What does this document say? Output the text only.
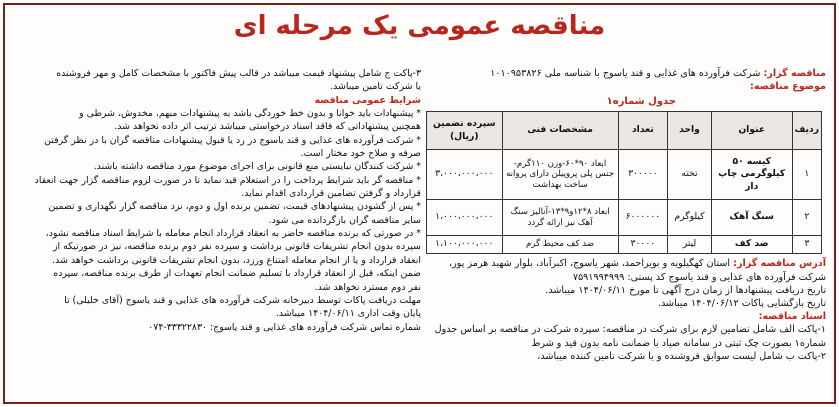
مناقصه عمومی یک مرحله ای
مناقصه گزار: شرکت فرآورده های غذایی و قند یاسوج با شناسه ملی ۱۰۱۰۹۵۳۸۲۶
موضوع مناقصه:
جدول شماره۱
ردیف	عنوان	واحد	تعداد	مشخصات فنی	سپرده تضمین (ریال)
۱	کیسه ۵۰ کیلوگرمی چاپ دار	تخته	۳۰۰۰۰۰	ابعاد ۹۰*۶۰-وزن ۱۱۰گرم-جنس پلی پروپیلن دارای پروانه ساخت بهداشت	۳،۰۰۰،۰۰۰،۰۰۰
۲	سنگ آهک	کیلوگرم	۶۰۰۰۰۰۰	ابعاد ۸*۱۲و۹*۱۳-آنالیز سنگ آهک نیز ارائه گردد	۱،۰۰۰،۰۰۰،۰۰۰
۳	ضد کف	لیتر	۳۰۰۰۰	ضد کف محیط گرم	۱،۱۰۰،۰۰۰،۰۰۰
آدرس مناقصه گزار: استان کهگیلویه و بویراحمد، شهر یاسوج، اکبرآباد، بلوار شهید هرمز پور،
شرکت فرآورده های غذایی و قند یاسوج کد پستی: ۷۵۹۱۹۹۴۹۹۹
تاریخ دریافت پیشنهادها از زمان درج آگهی تا مورخ ۱۴۰۴/۰۶/۱۱ میباشد.
تاریخ بازگشایی پاکات ۱۴۰۴/۰۶/۱۲ میباشد.
اسناد مناقصه:
۱-پاکت الف شامل تضامین لازم برای شرکت در مناقصه: سپرده شرکت در مناقصه بر اساس جدول
شماره۱ بصورت چک ثبتی در سامانه صیاد یا ضمانت نامه بدون قید و شرط
۲-پاکت ب شامل لیست سوابق فروشنده و یا شرکت تامین کننده میباشد،
۳-پاکت ج شامل پیشنهاد قیمت میباشد در قالب پیش فاکتور با مشخصات کامل و مهر فروشنده
یا شرکت تامین میباشد.
شرایط عمومی مناقصه
* پیشنهادات باید خوانا و بدون خط خوردگی باشد به پیشنهادات مبهم، مخدوش، شرطی و
همچنین پیشنهاداتی که فاقد اسناد درخواستی میباشد ترتیب اثر داده نخواهد شد.
* شرکت فرآورده های غذایی و قند یاسوج در رد یا قبول پیشنهادات مناقصه گران با در نظر گرفتن
صرفه و صلاح خود مختار است.
* شرکت کنندگان نبایستی منع قانونی برای اجرای موضوع مورد مناقصه داشته باشند.
* مناقصه گر باید شرایط پرداخت را در استعلام قید نماید تا در صورت لزوم مناقصه گزار جهت انعقاد
قرارداد و گرفتن تضامین قراردادی اقدام نماید.
* پس از گشودن پیشنهادهای قیمت، تضمین برنده اول و دوم، نزد مناقصه گزار نگهداری و تضمین
سایر مناقصه گران بازگردانده می شود.
* در صورتی که برنده مناقصه حاضر به انعقاد قرارداد انجام معامله با شرایط اسناد مناقصه نشود،
سپرده بدون انجام تشریفات قانونی برداشت و سپرده نفر دوم برنده مناقصه، نیز در صورتیکه از
انعقاد قرارداد و یا از انجام معامله امتناع ورزد، بدون انجام تشریفات قانونی برداشت خواهد شد.
ضمن اینکه، قبل از انعقاد قرارداد با تسلیم ضمانت انجام تعهدات از طرف برنده مناقصه، سپرده
نفر دوم مسترد نخواهد شد.
مهلت دریافت پاکات توسط دبیرخانه شرکت فرآورده های غذایی و قند یاسوج (آقای خلیلی) تا
پایان وقت اداری ۱۴۰۴/۰۶/۱۱ میباشد.
شماره تماس شرکت فرآورده های غذایی و قند یاسوج: ۳۳۳۲۲۸۳۰-۰۷۴
